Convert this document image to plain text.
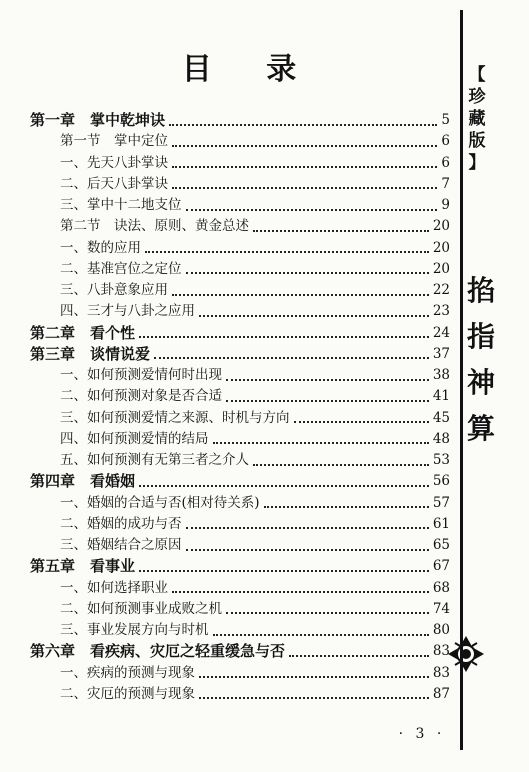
目 录
第一章　掌中乾坤诀	5
第一节　掌中定位	6
一、先天八卦掌诀	6
二、后天八卦掌诀	7
三、掌中十二地支位	9
第二节　诀法、原则、黄金总述	20
一、数的应用	20
二、基准宫位之定位	20
三、八卦意象应用	22
四、三才与八卦之应用	23
第二章　看个性	24
第三章　谈情说爱	37
一、如何预测爱情何时出现	38
二、如何预测对象是否合适	41
三、如何预测爱情之来源、时机与方向	45
四、如何预测爱情的结局	48
五、如何预测有无第三者之介人	53
第四章　看婚姻	56
一、婚姻的合适与否(相对待关系)	57
二、婚姻的成功与否	61
三、婚姻结合之原因	65
第五章　看事业	67
一、如何选择职业	68
二、如何预测事业成败之机	74
三、事业发展方向与时机	80
第六章　看疾病、灾厄之轻重缓急与否	83
一、疾病的预测与现象	83
二、灾厄的预测与现象	87
【
珍
藏
版
】
掐
指
神
算
· 3 ·
